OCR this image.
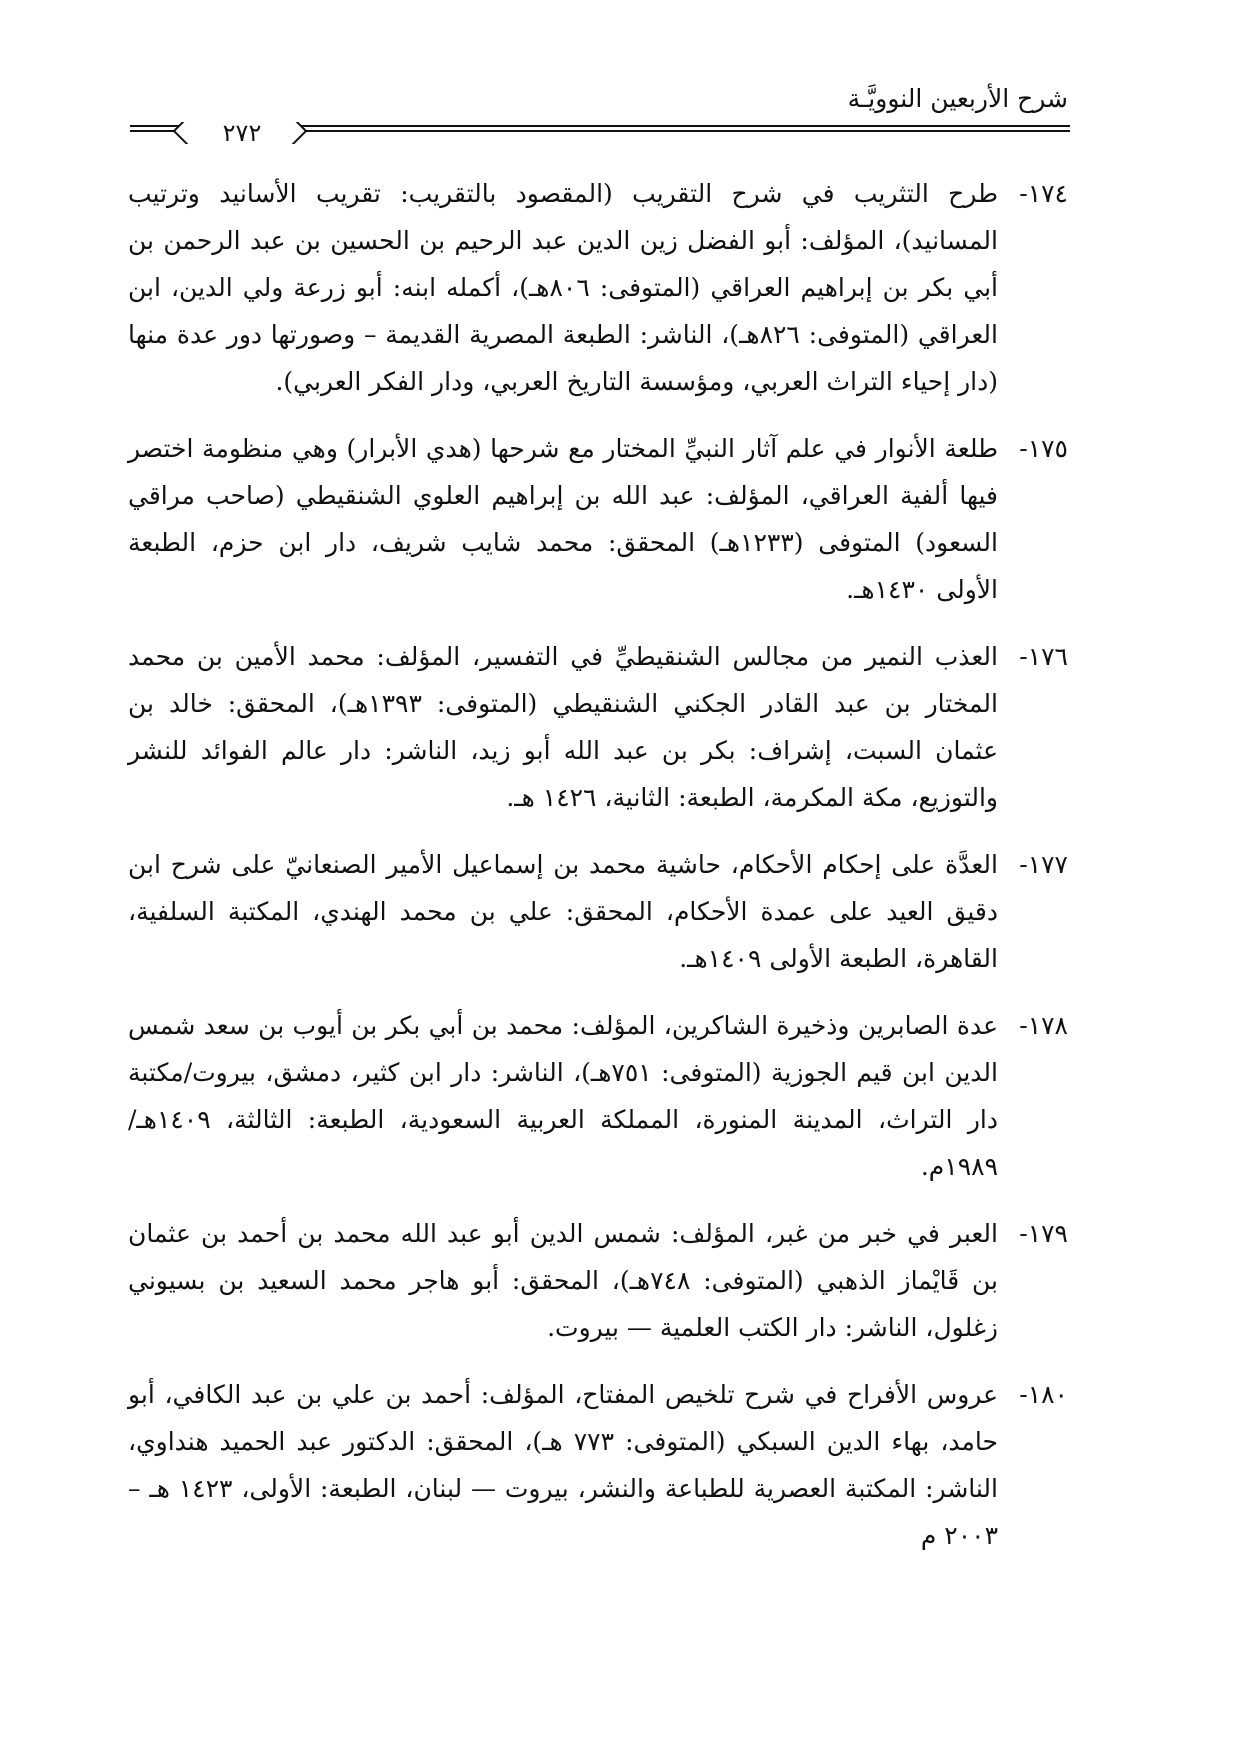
شرح الأربعين النوويَّـة
٢٧٢
١٧٤-
طرح التثريب في شرح التقريب (المقصود بالتقريب: تقريب الأسانيد وترتيب المسانيد)، المؤلف: أبو الفضل زين الدين عبد الرحيم بن الحسين بن عبد الرحمن بن أبي بكر بن إبراهيم العراقي (المتوفى: ٨٠٦هـ)، أكمله ابنه: أبو زرعة ولي الدين، ابن العراقي (المتوفى: ٨٢٦هـ)، الناشر: الطبعة المصرية القديمة – وصورتها دور عدة منها (دار إحياء التراث العربي، ومؤسسة التاريخ العربي، ودار الفكر العربي).
١٧٥-
طلعة الأنوار في علم آثار النبيِّ المختار مع شرحها (هدي الأبرار) وهي منظومة اختصر فيها ألفية العراقي، المؤلف: عبد الله بن إبراهيم العلوي الشنقيطي (صاحب مراقي السعود) المتوفى (١٢٣٣هـ) المحقق: محمد شايب شريف، دار ابن حزم، الطبعة الأولى ١٤٣٠هـ.
١٧٦-
العذب النمير من مجالس الشنقيطيِّ في التفسير، المؤلف: محمد الأمين بن محمد المختار بن عبد القادر الجكني الشنقيطي (المتوفى: ١٣٩٣هـ)، المحقق: خالد بن عثمان السبت، إشراف: بكر بن عبد الله أبو زيد، الناشر: دار عالم الفوائد للنشر والتوزيع، مكة المكرمة، الطبعة: الثانية، ١٤٢٦ هـ.
١٧٧-
العدَّة على إحكام الأحكام، حاشية محمد بن إسماعيل الأمير الصنعانيّ على شرح ابن دقيق العيد على عمدة الأحكام، المحقق: علي بن محمد الهندي، المكتبة السلفية، القاهرة، الطبعة الأولى ١٤٠٩هـ.
١٧٨-
عدة الصابرين وذخيرة الشاكرين، المؤلف: محمد بن أبي بكر بن أيوب بن سعد شمس الدين ابن قيم الجوزية (المتوفى: ٧٥١هـ)، الناشر: دار ابن كثير، دمشق، بيروت/مكتبة دار التراث، المدينة المنورة، المملكة العربية السعودية، الطبعة: الثالثة، ١٤٠٩هـ/ ١٩٨٩م.
١٧٩-
العبر في خبر من غبر، المؤلف: شمس الدين أبو عبد الله محمد بن أحمد بن عثمان بن قَايْماز الذهبي (المتوفى: ٧٤٨هـ)، المحقق: أبو هاجر محمد السعيد بن بسيوني زغلول، الناشر: دار الكتب العلمية — بيروت.
١٨٠-
عروس الأفراح في شرح تلخيص المفتاح، المؤلف: أحمد بن علي بن عبد الكافي، أبو حامد، بهاء الدين السبكي (المتوفى: ٧٧٣ هـ)، المحقق: الدكتور عبد الحميد هنداوي، الناشر: المكتبة العصرية للطباعة والنشر، بيروت — لبنان، الطبعة: الأولى، ١٤٢٣ هـ – ٢٠٠٣ م
